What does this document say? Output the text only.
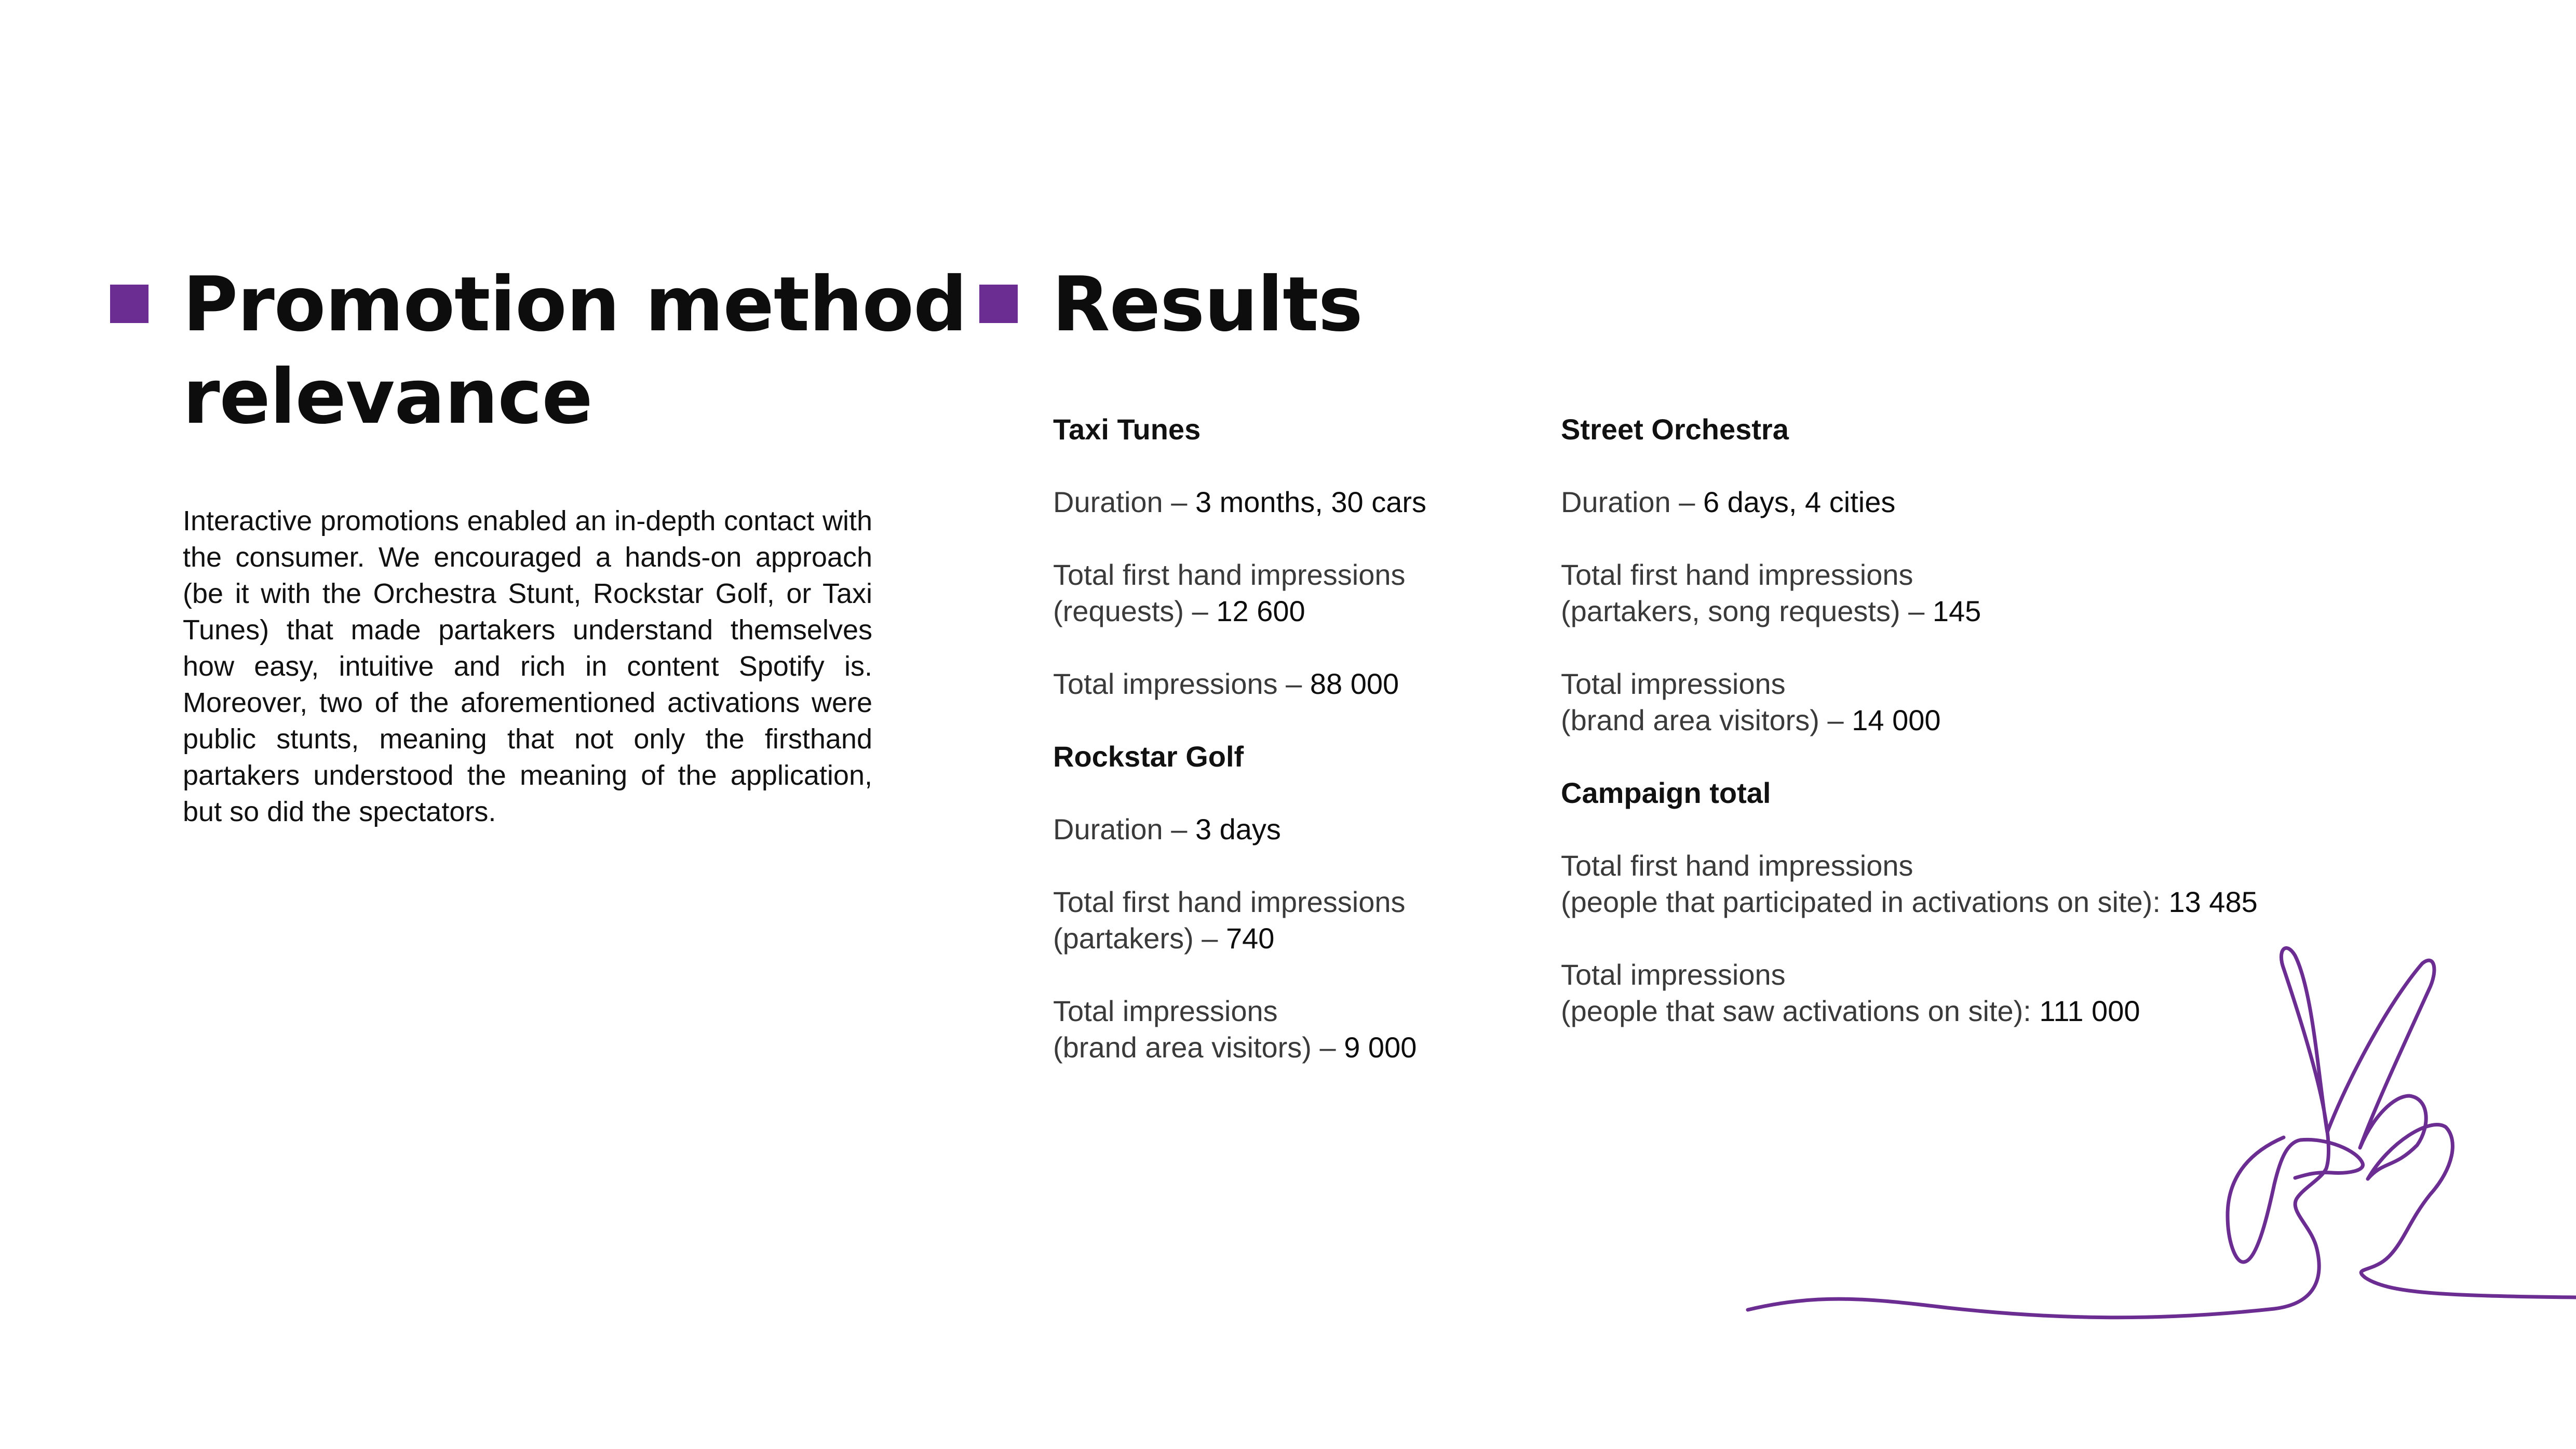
Promotion method
relevance

Interactive promotions enabled an in-depth contact with the consumer. We encouraged a hands-on approach (be it with the Orchestra Stunt, Rockstar Golf, or Taxi Tunes) that made partakers understand themselves how easy, intuitive and rich in content Spotify is. Moreover, two of the aforementioned activations were public stunts, meaning that not only the firsthand partakers understood the meaning of the application, but so did the spectators.

Results

Taxi Tunes

Duration – 3 months, 30 cars

Total first hand impressions
(requests) – 12 600

Total impressions – 88 000

Rockstar Golf

Duration – 3 days

Total first hand impressions
(partakers) – 740

Total impressions
(brand area visitors) – 9 000

Street Orchestra

Duration – 6 days, 4 cities

Total first hand impressions
(partakers, song requests) – 145

Total impressions
(brand area visitors) – 14 000

Campaign total

Total first hand impressions
(people that participated in activations on site): 13 485

Total impressions
(people that saw activations on site): 111 000
